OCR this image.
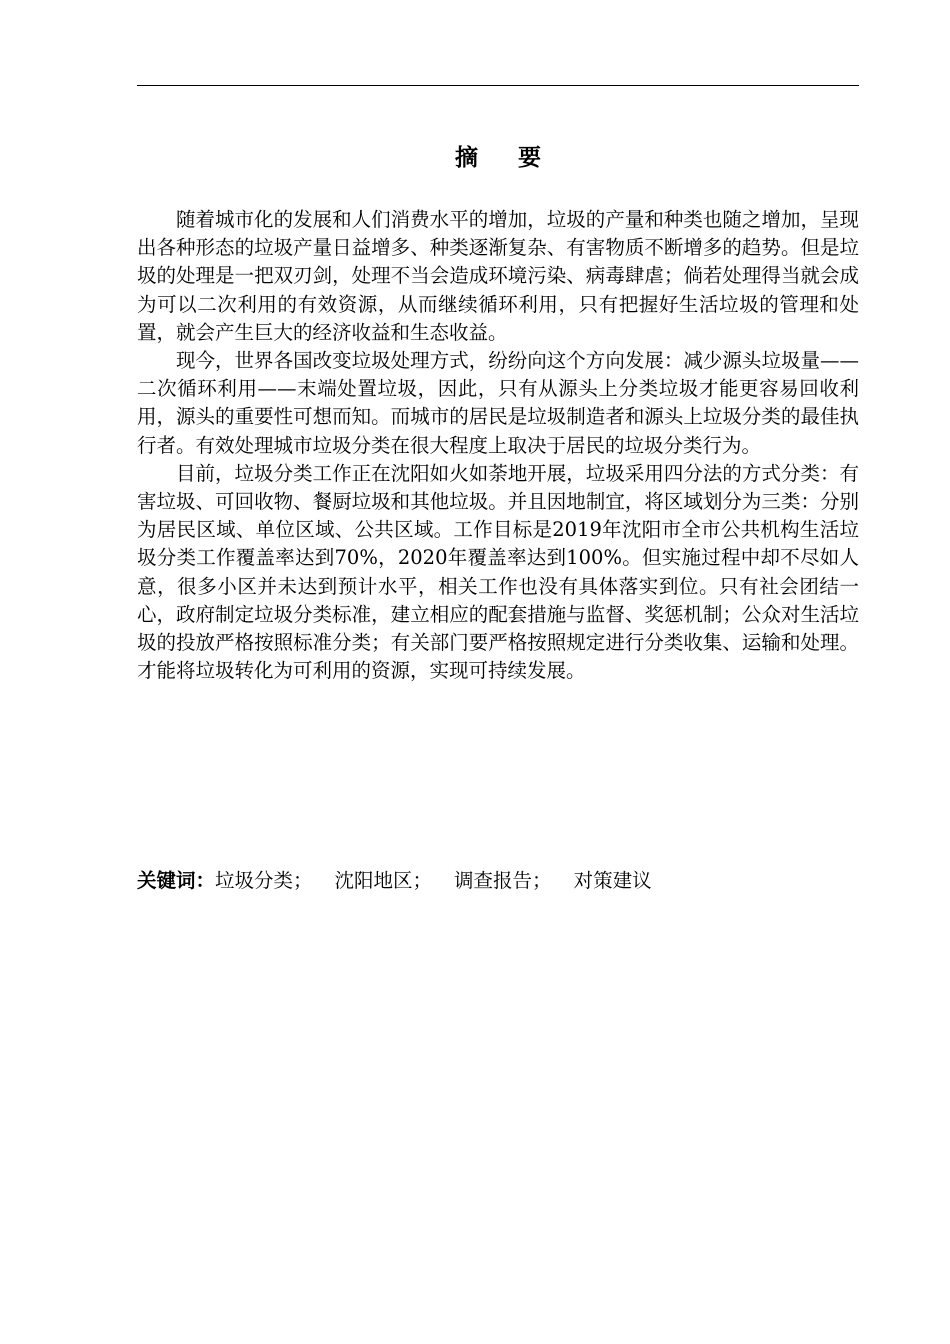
摘 要

随着城市化的发展和人们消费水平的增加，垃圾的产量和种类也随之增加，呈现出各种形态的垃圾产量日益增多、种类逐渐复杂、有害物质不断增多的趋势。但是垃圾的处理是一把双刃剑，处理不当会造成环境污染、病毒肆虐；倘若处理得当就会成为可以二次利用的有效资源，从而继续循环利用，只有把握好生活垃圾的管理和处置，就会产生巨大的经济收益和生态收益。

现今，世界各国改变垃圾处理方式，纷纷向这个方向发展：减少源头垃圾量——二次循环利用——末端处置垃圾，因此，只有从源头上分类垃圾才能更容易回收利用，源头的重要性可想而知。而城市的居民是垃圾制造者和源头上垃圾分类的最佳执行者。有效处理城市垃圾分类在很大程度上取决于居民的垃圾分类行为。

目前，垃圾分类工作正在沈阳如火如荼地开展，垃圾采用四分法的方式分类：有害垃圾、可回收物、餐厨垃圾和其他垃圾。并且因地制宜，将区域划分为三类：分别为居民区域、单位区域、公共区域。工作目标是2019年沈阳市全市公共机构生活垃圾分类工作覆盖率达到70%，2020年覆盖率达到100%。但实施过程中却不尽如人意，很多小区并未达到预计水平，相关工作也没有具体落实到位。只有社会团结一心，政府制定垃圾分类标准，建立相应的配套措施与监督、奖惩机制；公众对生活垃圾的投放严格按照标准分类；有关部门要严格按照规定进行分类收集、运输和处理。才能将垃圾转化为可利用的资源，实现可持续发展。

关键词：垃圾分类； 沈阳地区； 调查报告； 对策建议
